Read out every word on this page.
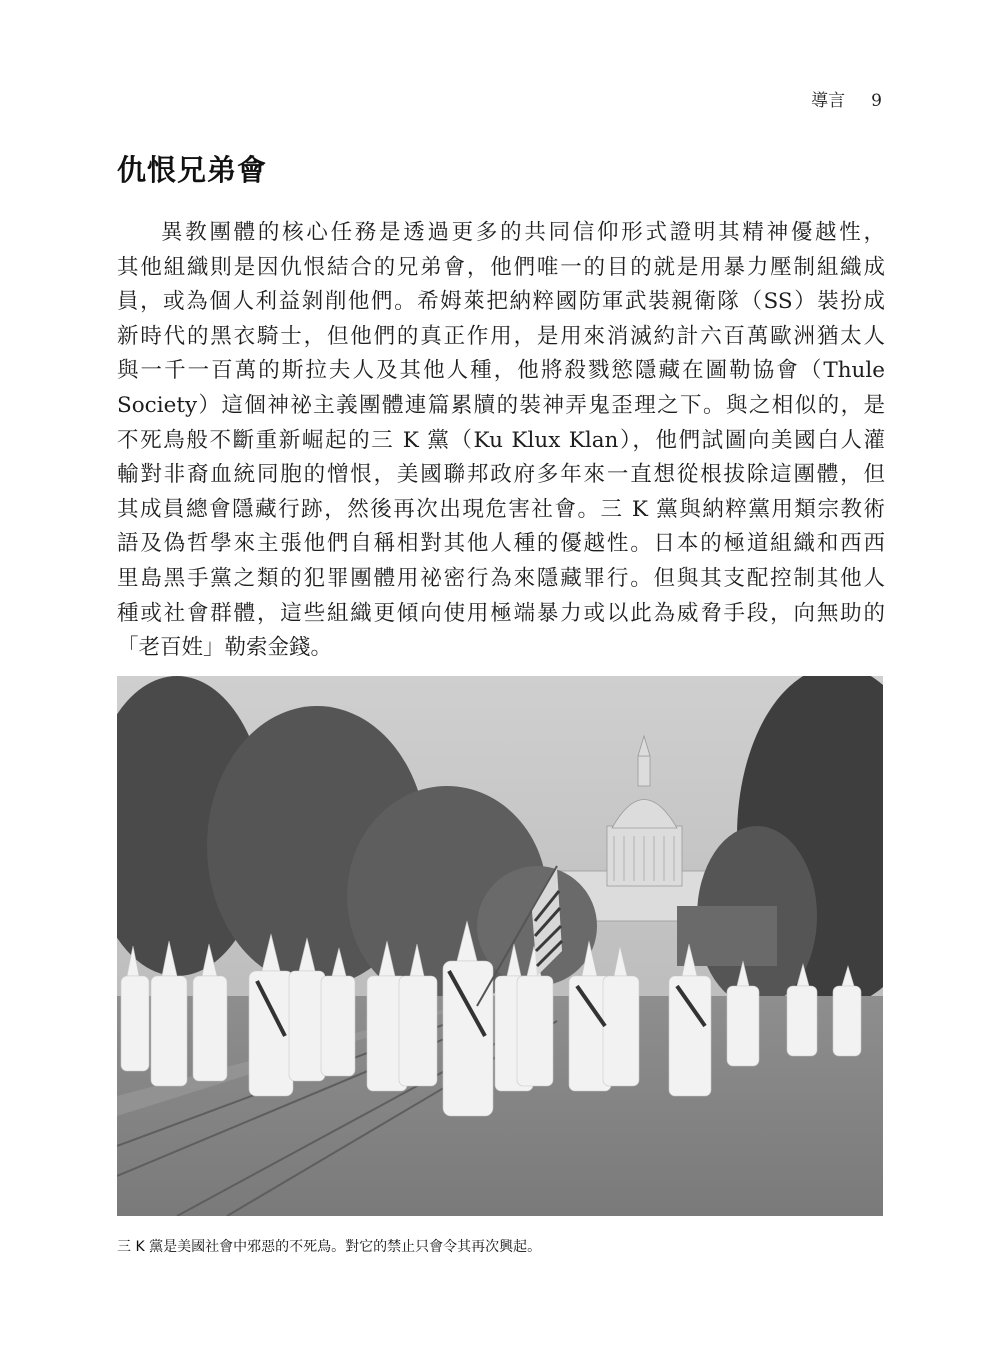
導言 9
仇恨兄弟會
異教團體的核心任務是透過更多的共同信仰形式證明其精神優越性，
其他組織則是因仇恨結合的兄弟會，他們唯一的目的就是用暴力壓制組織成
員，或為個人利益剝削他們。希姆萊把納粹國防軍武裝親衛隊（SS）裝扮成
新時代的黑衣騎士，但他們的真正作用，是用來消滅約計六百萬歐洲猶太人
與一千一百萬的斯拉夫人及其他人種，他將殺戮慾隱藏在圖勒協會（Thule
Society）這個神祕主義團體連篇累牘的裝神弄鬼歪理之下。與之相似的，是
不死鳥般不斷重新崛起的三 K 黨（Ku Klux Klan），他們試圖向美國白人灌
輸對非裔血統同胞的憎恨，美國聯邦政府多年來一直想從根拔除這團體，但
其成員總會隱藏行跡，然後再次出現危害社會。三 K 黨與納粹黨用類宗教術
語及偽哲學來主張他們自稱相對其他人種的優越性。日本的極道組織和西西
里島黑手黨之類的犯罪團體用祕密行為來隱藏罪行。但與其支配控制其他人
種或社會群體，這些組織更傾向使用極端暴力或以此為威脅手段，向無助的
「老百姓」勒索金錢。
三 K 黨是美國社會中邪惡的不死鳥。對它的禁止只會令其再次興起。
